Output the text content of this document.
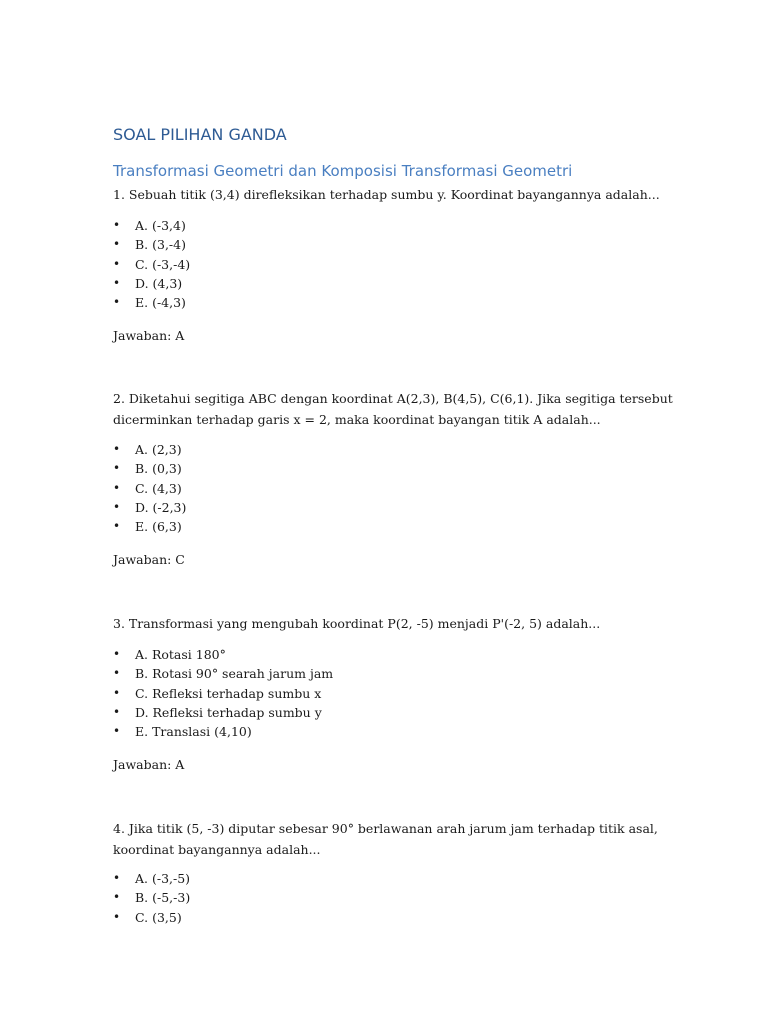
SOAL PILIHAN GANDA
Transformasi Geometri dan Komposisi Transformasi Geometri
1. Sebuah titik (3,4) direfleksikan terhadap sumbu y. Koordinat bayangannya adalah...
• A. (-3,4)
• B. (3,-4)
• C. (-3,-4)
• D. (4,3)
• E. (-4,3)
Jawaban: A
2. Diketahui segitiga ABC dengan koordinat A(2,3), B(4,5), C(6,1). Jika segitiga tersebut dicerminkan terhadap garis x = 2, maka koordinat bayangan titik A adalah...
• A. (2,3)
• B. (0,3)
• C. (4,3)
• D. (-2,3)
• E. (6,3)
Jawaban: C
3. Transformasi yang mengubah koordinat P(2, -5) menjadi P'(-2, 5) adalah...
• A. Rotasi 180°
• B. Rotasi 90° searah jarum jam
• C. Refleksi terhadap sumbu x
• D. Refleksi terhadap sumbu y
• E. Translasi (4,10)
Jawaban: A
4. Jika titik (5, -3) diputar sebesar 90° berlawanan arah jarum jam terhadap titik asal, koordinat bayangannya adalah...
• A. (-3,-5)
• B. (-5,-3)
• C. (3,5)
